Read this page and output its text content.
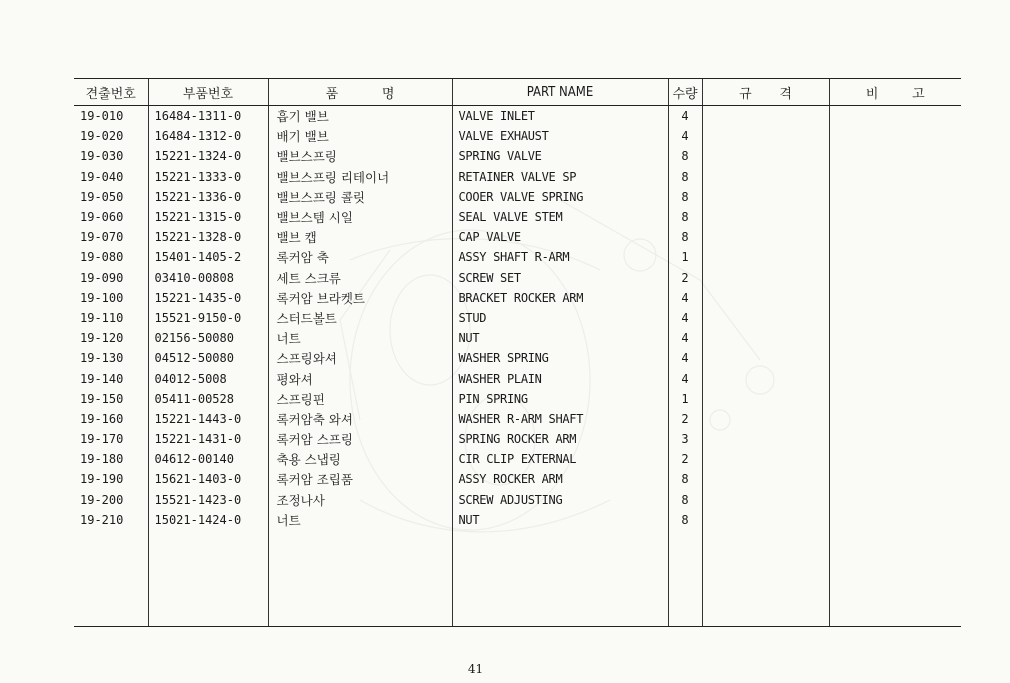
견출번호	부품번호	품 명	PART NAME	수량	규 격	비 고
19-010	16484-1311-0	흡기 밸브	VALVE INLET	4		
19-020	16484-1312-0	배기 밸브	VALVE EXHAUST	4		
19-030	15221-1324-0	밸브스프링	SPRING VALVE	8		
19-040	15221-1333-0	밸브스프링 리테이너	RETAINER VALVE SP	8		
19-050	15221-1336-0	밸브스프링 콜릿	COOER VALVE SPRING	8		
19-060	15221-1315-0	밸브스템 시일	SEAL VALVE STEM	8		
19-070	15221-1328-0	밸브 캡	CAP VALVE	8		
19-080	15401-1405-2	록커암 축	ASSY SHAFT R-ARM	1		
19-090	03410-00808	세트 스크류	SCREW SET	2		
19-100	15221-1435-0	록커암 브라켓트	BRACKET ROCKER ARM	4		
19-110	15521-9150-0	스터드볼트	STUD	4		
19-120	02156-50080	너트	NUT	4		
19-130	04512-50080	스프링와셔	WASHER SPRING	4		
19-140	04012-5008	평와셔	WASHER PLAIN	4		
19-150	05411-00528	스프링핀	PIN SPRING	1		
19-160	15221-1443-0	록커암축 와셔	WASHER R-ARM SHAFT	2		
19-170	15221-1431-0	록커암 스프링	SPRING ROCKER ARM	3		
19-180	04612-00140	축용 스냅링	CIR CLIP EXTERNAL	2		
19-190	15621-1403-0	록커암 조립품	ASSY ROCKER ARM	8		
19-200	15521-1423-0	조정나사	SCREW ADJUSTING	8		
19-210	15021-1424-0	너트	NUT	8		

41
